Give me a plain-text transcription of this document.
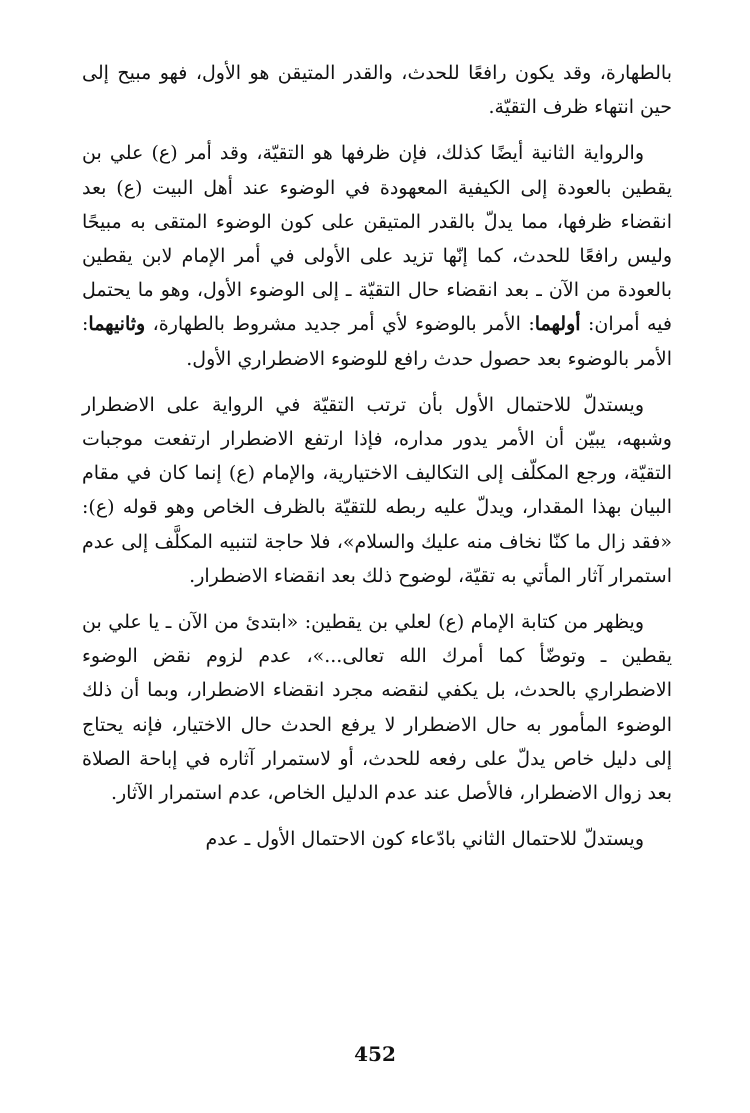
بالطهارة، وقد يكون رافعًا للحدث، والقدر المتيقن هو الأول، فهو مبيح إلى حين انتهاء ظرف التقيّة.

والرواية الثانية أيضًا كذلك، فإن ظرفها هو التقيّة، وقد أمر (ع) علي بن يقطين بالعودة إلى الكيفية المعهودة في الوضوء عند أهل البيت (ع) بعد انقضاء ظرفها، مما يدلّ بالقدر المتيقن على كون الوضوء المتقى به مبيحًا وليس رافعًا للحدث، كما إنّها تزيد على الأولى في أمر الإمام لابن يقطين بالعودة من الآن ـ بعد انقضاء حال التقيّة ـ إلى الوضوء الأول، وهو ما يحتمل فيه أمران: أولهما: الأمر بالوضوء لأي أمر جديد مشروط بالطهارة، وثانيهما: الأمر بالوضوء بعد حصول حدث رافع للوضوء الاضطراري الأول.

ويستدلّ للاحتمال الأول بأن ترتب التقيّة في الرواية على الاضطرار وشبهه، يبيّن أن الأمر يدور مداره، فإذا ارتفع الاضطرار ارتفعت موجبات التقيّة، ورجع المكلّف إلى التكاليف الاختيارية، والإمام (ع) إنما كان في مقام البيان بهذا المقدار، ويدلّ عليه ربطه للتقيّة بالظرف الخاص وهو قوله (ع): «فقد زال ما كنّا نخاف منه عليك والسلام»، فلا حاجة لتنبيه المكلَّف إلى عدم استمرار آثار المأتي به تقيّة، لوضوح ذلك بعد انقضاء الاضطرار.

ويظهر من كتابة الإمام (ع) لعلي بن يقطين: «ابتدئ من الآن ـ يا علي بن يقطين ـ وتوضّأ كما أمرك الله تعالى...»، عدم لزوم نقض الوضوء الاضطراري بالحدث، بل يكفي لنقضه مجرد انقضاء الاضطرار، وبما أن ذلك الوضوء المأمور به حال الاضطرار لا يرفع الحدث حال الاختيار، فإنه يحتاج إلى دليل خاص يدلّ على رفعه للحدث، أو لاستمرار آثاره في إباحة الصلاة بعد زوال الاضطرار، فالأصل عند عدم الدليل الخاص، عدم استمرار الآثار.

ويستدلّ للاحتمال الثاني بادّعاء كون الاحتمال الأول ـ عدم

452
